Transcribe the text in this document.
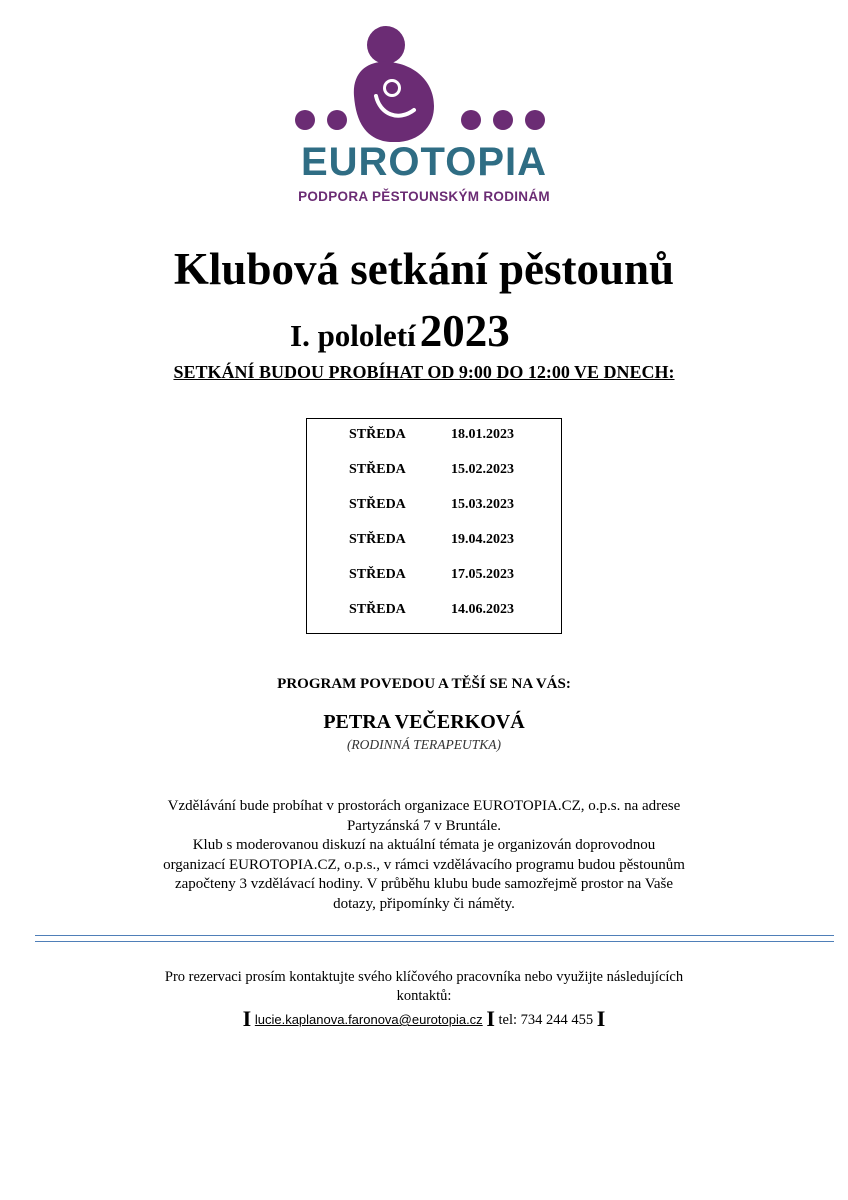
EUROTOPIA
PODPORA PĚSTOUNSKÝM RODINÁM
Klubová setkání pěstounů
I. pololetí 2023
SETKÁNÍ BUDOU PROBÍHAT OD 9:00 DO 12:00 VE DNECH:
STŘEDA	18.01.2023
STŘEDA	15.02.2023
STŘEDA	15.03.2023
STŘEDA	19.04.2023
STŘEDA	17.05.2023
STŘEDA	14.06.2023
PROGRAM POVEDOU A TĚŠÍ SE NA VÁS:
PETRA VEČERKOVÁ
(RODINNÁ TERAPEUTKA)
Vzdělávání bude probíhat v prostorách organizace EUROTOPIA.CZ, o.p.s. na adrese
Partyzánská 7 v Bruntále.
Klub s moderovanou diskuzí na aktuální témata je organizován doprovodnou
organizací EUROTOPIA.CZ, o.p.s., v rámci vzdělávacího programu budou pěstounům
započteny 3 vzdělávací hodiny. V průběhu klubu bude samozřejmě prostor na Vaše
dotazy, připomínky či náměty.
Pro rezervaci prosím kontaktujte svého klíčového pracovníka nebo využijte následujících
kontaktů:
I lucie.kaplanova.faronova@eurotopia.cz I tel: 734 244 455 I
